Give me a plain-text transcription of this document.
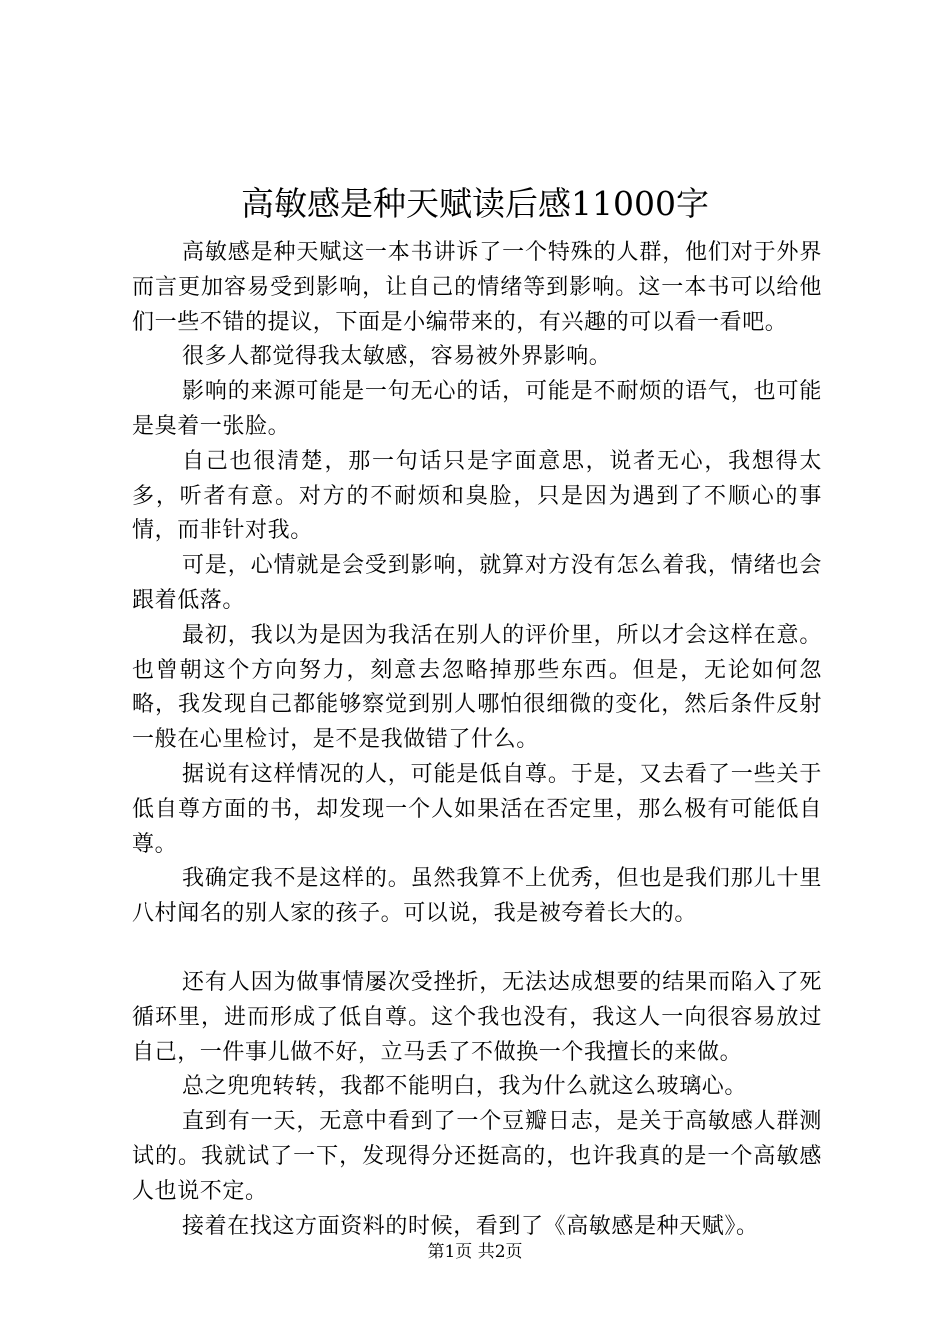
高敏感是种天赋读后感11000字

高敏感是种天赋这一本书讲诉了一个特殊的人群，他们对于外界而言更加容易受到影响，让自己的情绪等到影响。这一本书可以给他们一些不错的提议，下面是小编带来的，有兴趣的可以看一看吧。

很多人都觉得我太敏感，容易被外界影响。

影响的来源可能是一句无心的话，可能是不耐烦的语气，也可能是臭着一张脸。

自己也很清楚，那一句话只是字面意思，说者无心，我想得太多，听者有意。对方的不耐烦和臭脸，只是因为遇到了不顺心的事情，而非针对我。

可是，心情就是会受到影响，就算对方没有怎么着我，情绪也会跟着低落。

最初，我以为是因为我活在别人的评价里，所以才会这样在意。也曾朝这个方向努力，刻意去忽略掉那些东西。但是，无论如何忽略，我发现自己都能够察觉到别人哪怕很细微的变化，然后条件反射一般在心里检讨，是不是我做错了什么。

据说有这样情况的人，可能是低自尊。于是，又去看了一些关于低自尊方面的书，却发现一个人如果活在否定里，那么极有可能低自尊。

我确定我不是这样的。虽然我算不上优秀，但也是我们那儿十里八村闻名的别人家的孩子。可以说，我是被夸着长大的。

还有人因为做事情屡次受挫折，无法达成想要的结果而陷入了死循环里，进而形成了低自尊。这个我也没有，我这人一向很容易放过自己，一件事儿做不好，立马丢了不做换一个我擅长的来做。

总之兜兜转转，我都不能明白，我为什么就这么玻璃心。

直到有一天，无意中看到了一个豆瓣日志，是关于高敏感人群测试的。我就试了一下，发现得分还挺高的，也许我真的是一个高敏感人也说不定。

接着在找这方面资料的时候，看到了《高敏感是种天赋》。

第1页 共2页
